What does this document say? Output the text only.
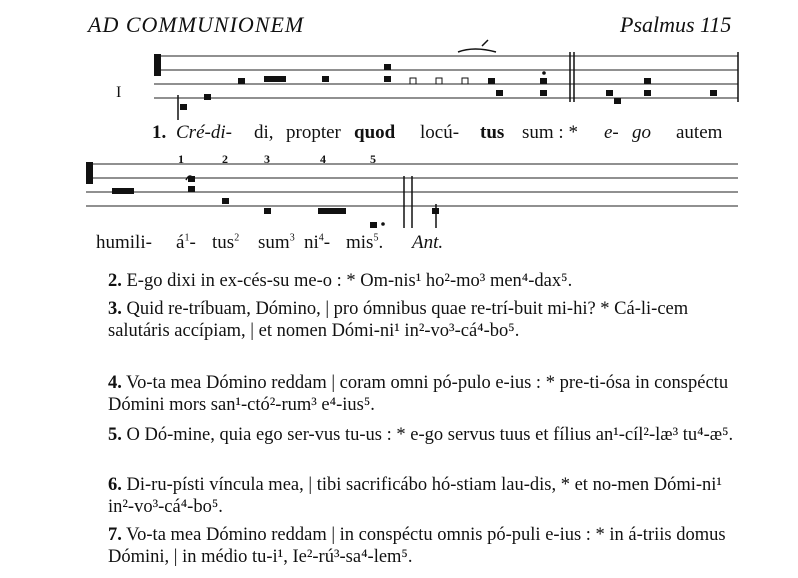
AD COMMUNIONEM	Psalmus 115
I
1. Cré-di- di, propter quod locú- tus sum : * e- go autem
1	2	3	4	5
humili- $á^1-$ tus$^2$ sum$^3$ $ni^4-$ mis$^5$. Ant.
2. E-go dixi in ex-cés-su me-o : * Om-nis¹ ho²-mo³ men⁴-dax⁵.
3. Quid re-tríbuam, Dómino, | pro ómnibus quae re-trí-buit mi-hi? * Cá-li-cem salutáris accípiam, | et nomen Dómi-ni¹ in²-vo³-cá⁴-bo⁵.
4. Vo-ta mea Dómino reddam | coram omni pó-pulo e-ius : * pre-ti-ósa in conspéctu Dómini mors san¹-ctó²-rum³ e⁴-ius⁵.
5. O Dó-mine, quia ego ser-vus tu-us : * e-go servus tuus et fílius an¹-cíl²-læ³ tu⁴-æ⁵.
6. Di-ru-písti víncula mea, | tibi sacrificábo hó-stiam lau-dis, * et no-men Dómi-ni¹ in²-vo³-cá⁴-bo⁵.
7. Vo-ta mea Dómino reddam | in conspéctu omnis pó-puli e-ius : * in á-triis domus Dómini, | in médio tu-i¹, Ie²-rú³-sa⁴-lem⁵.
